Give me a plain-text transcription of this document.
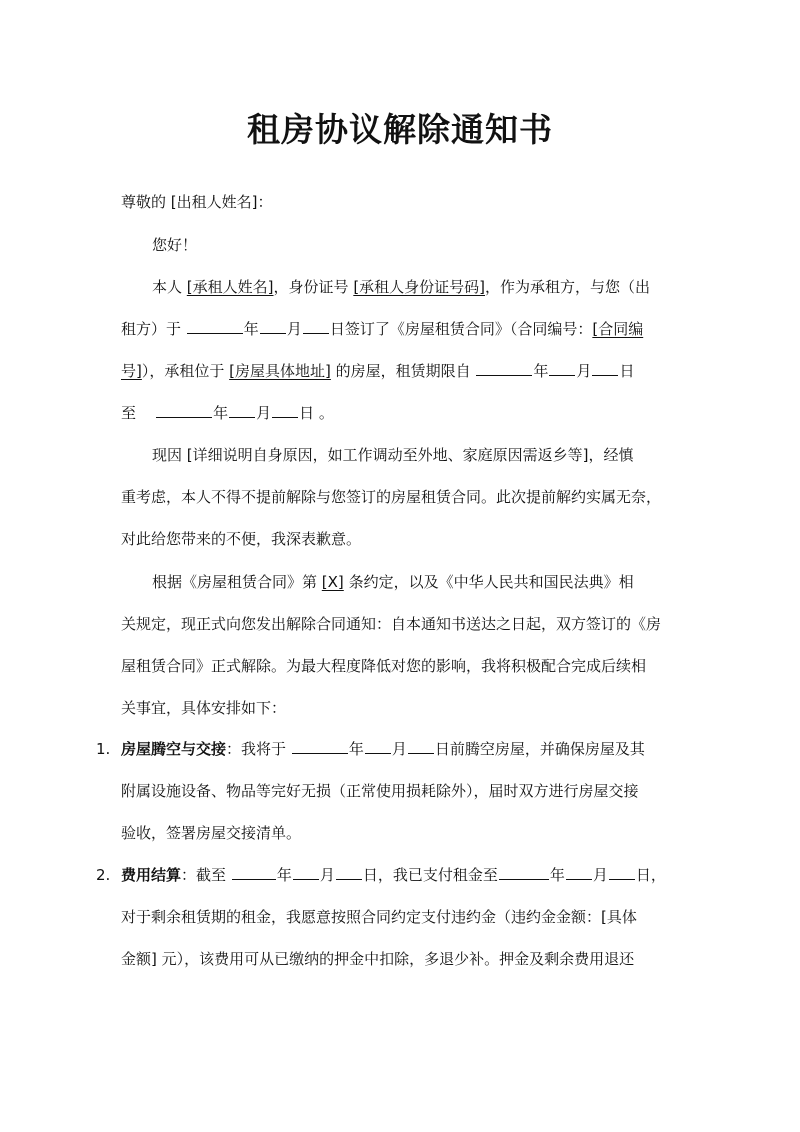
租房协议解除通知书
尊敬的 [出租人姓名]：
您好！
本人 [承租人姓名]，身份证号 [承租人身份证号码]，作为承租方，与您（出
租方）于	年 月 日签订了《房屋租赁合同》（合同编号：[合同编
号]），承租位于 [房屋具体地址] 的房屋，租赁期限自	年 月 日
至	年 月 日 。
现因 [详细说明自身原因，如工作调动至外地、家庭原因需返乡等]，经慎
重考虑，本人不得不提前解除与您签订的房屋租赁合同。此次提前解约实属无奈，
对此给您带来的不便，我深表歉意。
根据《房屋租赁合同》第 [X] 条约定，以及《中华人民共和国民法典》相
关规定，现正式向您发出解除合同通知：自本通知书送达之日起，双方签订的《房
屋租赁合同》正式解除。为最大程度降低对您的影响，我将积极配合完成后续相
关事宜，具体安排如下：
1. 房屋腾空与交接：我将于	年 月 日前腾空房屋，并确保房屋及其
附属设施设备、物品等完好无损（正常使用损耗除外），届时双方进行房屋交接
验收，签署房屋交接清单。
2. 费用结算：截至	年 月 日，我已支付租金至	年 月 日，
对于剩余租赁期的租金，我愿意按照合同约定支付违约金（违约金金额：[具体
金额] 元），该费用可从已缴纳的押金中扣除，多退少补。押金及剩余费用退还
